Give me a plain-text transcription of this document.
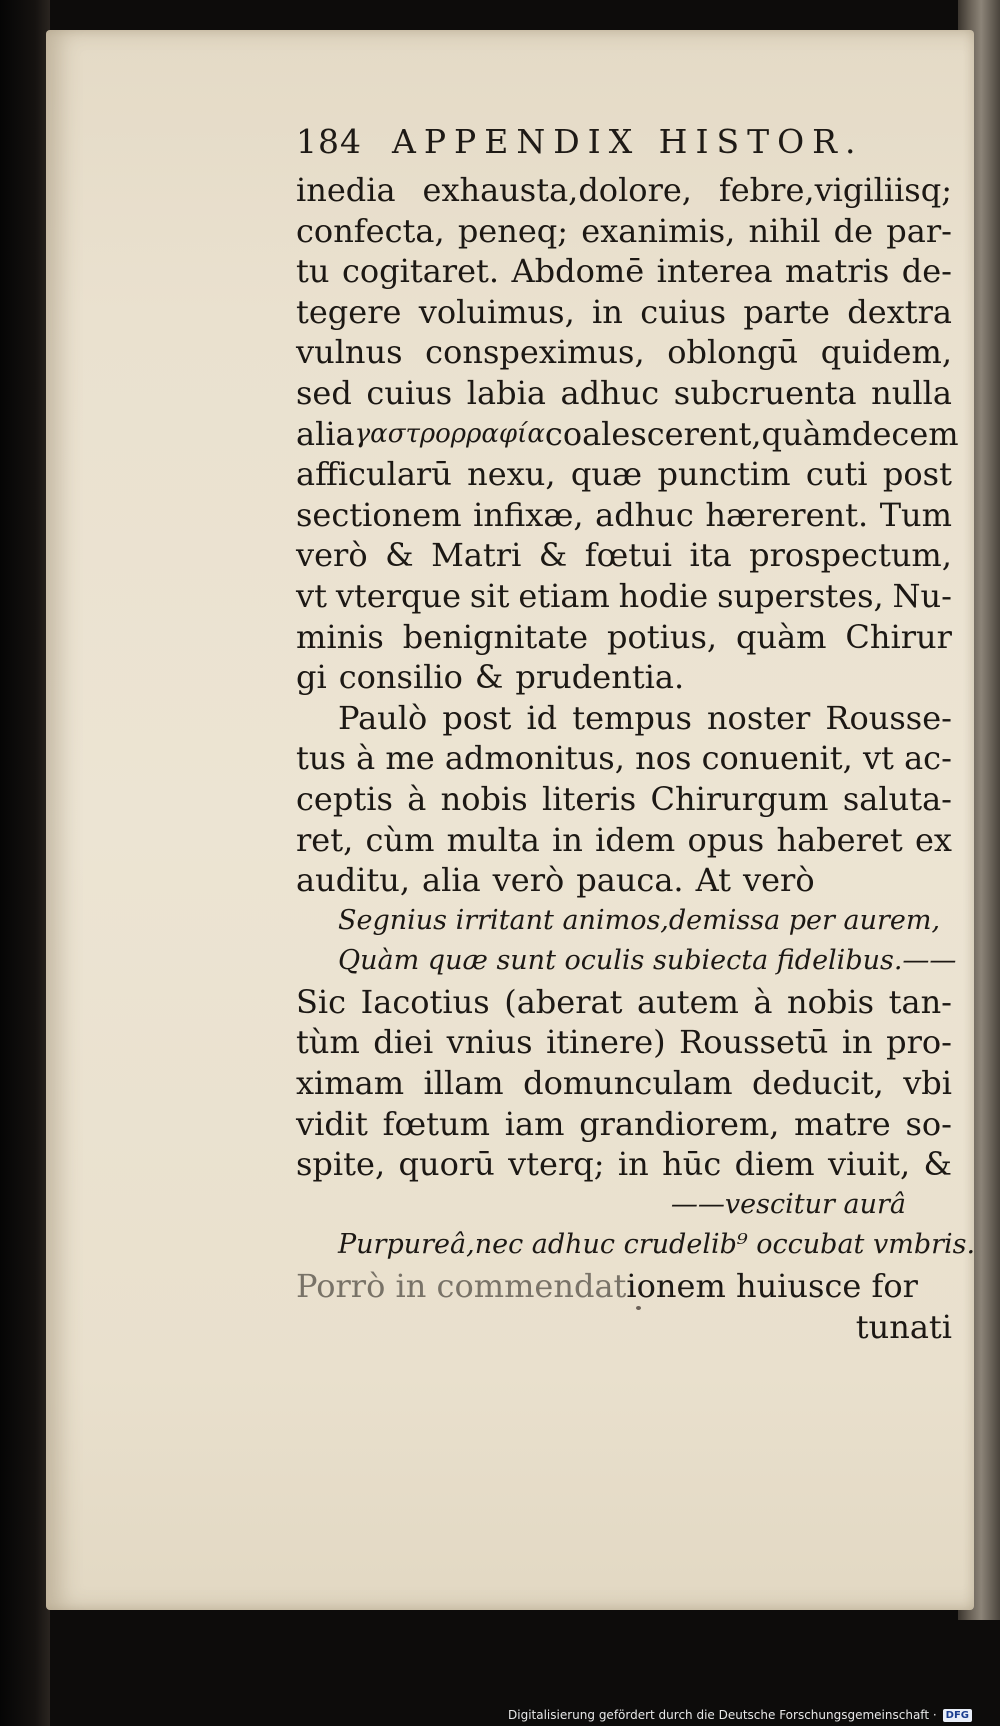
184 APPENDIX HISTOR.
inedia exhausta,dolore, febre,vigiliisq;
confecta, peneq; exanimis, nihil de par-
tu cogitaret. Abdomē interea matris de-
tegere voluimus, in cuius parte dextra
vulnus conspeximus, oblongū quidem,
sed cuius labia adhuc subcruenta nulla
alia γαστρορραφία coalescerent, quàm decem
afficularū nexu, quæ punctim cuti post
sectionem infixæ, adhuc hærerent. Tum
verò & Matri & fœtui ita prospectum,
vt vterque sit etiam hodie superstes, Nu-
minis benignitate potius, quàm Chirur
gi consilio & prudentia.
Paulò post id tempus noster Rousse-
tus à me admonitus, nos conuenit, vt ac-
ceptis à nobis literis Chirurgum saluta-
ret, cùm multa in idem opus haberet ex
auditu, alia verò pauca. At verò
Segnius irritant animos,demissa per aurem,
Quàm quæ sunt oculis subiecta fidelibus.——
Sic Iacotius (aberat autem à nobis tan-
tùm diei vnius itinere) Roussetū in pro-
ximam illam domunculam deducit, vbi
vidit fœtum iam grandiorem, matre so-
spite, quorū vterq; in hūc diem viuit, &
——vescitur aurâ
Purpureâ,nec adhuc crudelib⁹ occubat vmbris.
Porrò in commendat ionem huiusce for
tunati
Digitalisierung gefördert durch die Deutsche Forschungsgemeinschaft · DFG
